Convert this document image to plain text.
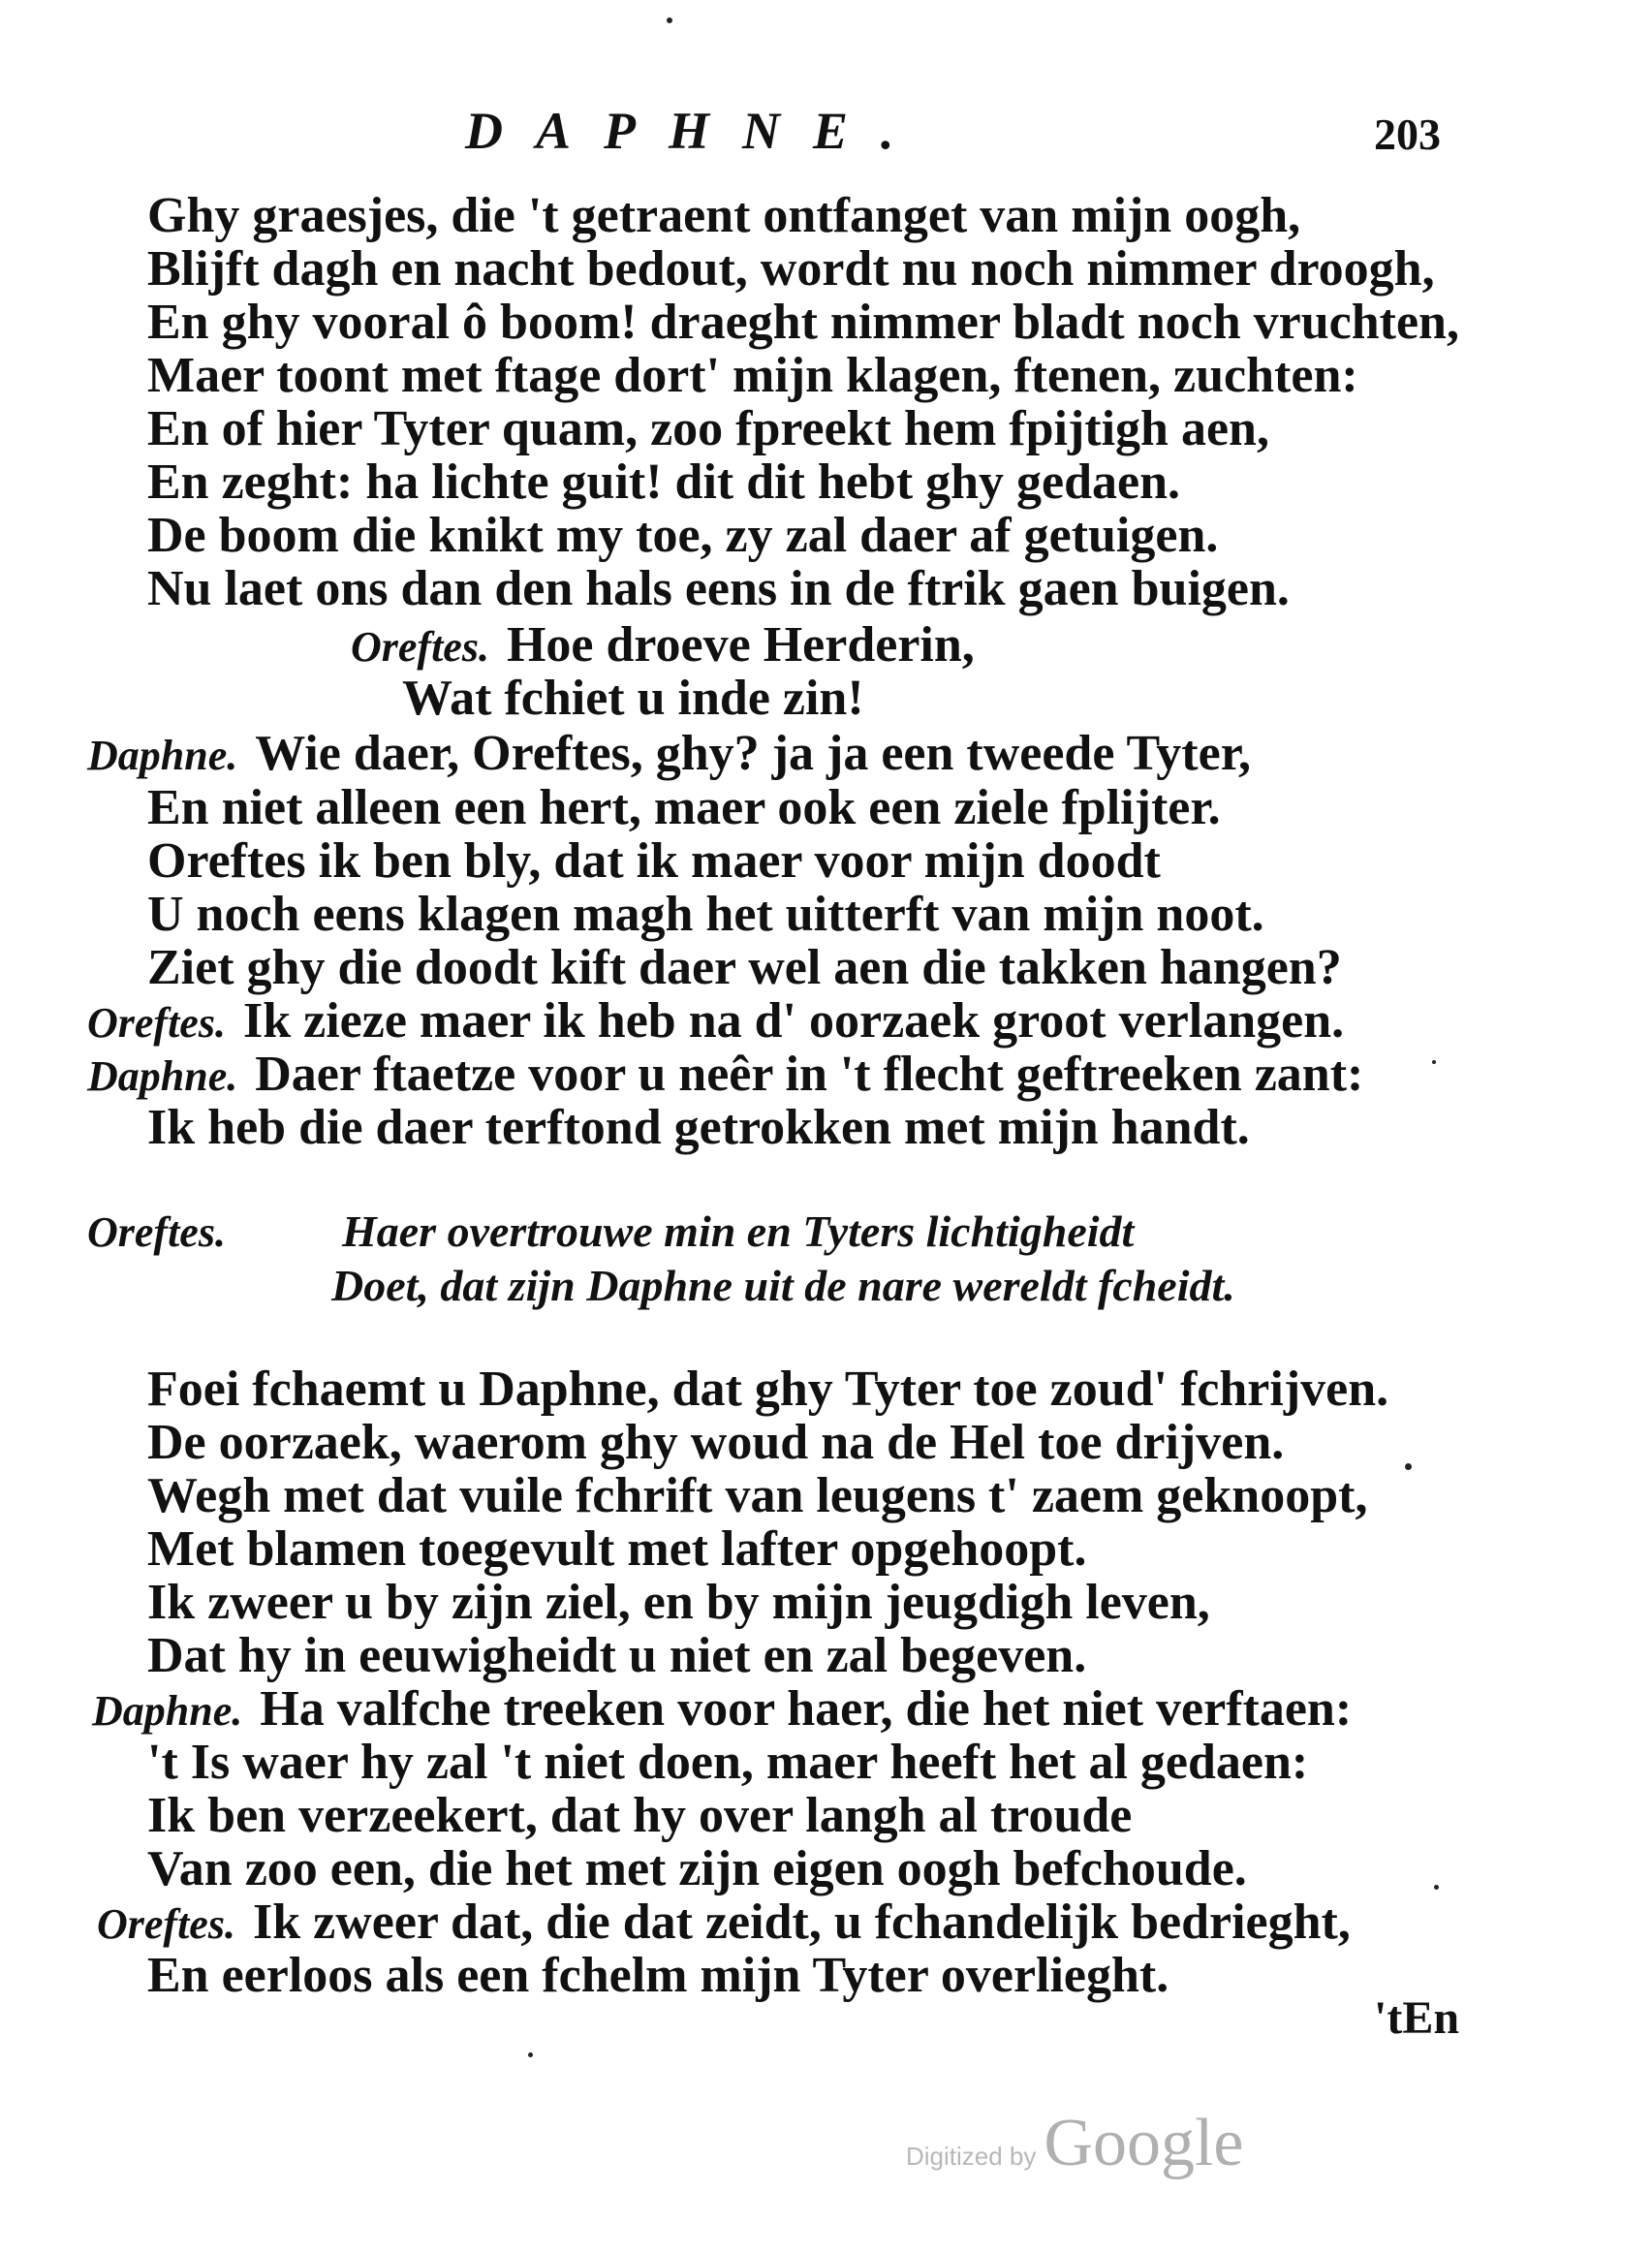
DAPHNE.	203
Ghy graesjes, die 't getraent ontfanget van mijn oogh,
Blijft dagh en nacht bedout, wordt nu noch nimmer droogh,
En ghy vooral ô boom! draeght nimmer bladt noch vruchten,
Maer toont met ftage dort' mijn klagen, ftenen, zuchten:
En of hier Tyter quam, zoo fpreekt hem fpijtigh aen,
En zeght: ha lichte guit! dit dit hebt ghy gedaen.
De boom die knikt my toe, zy zal daer af getuigen.
Nu laet ons dan den hals eens in de ftrik gaen buigen.
Oreftes. Hoe droeve Herderin,
Wat fchiet u inde zin!
Daphne. Wie daer, Oreftes, ghy? ja ja een tweede Tyter,
En niet alleen een hert, maer ook een ziele fplijter.
Oreftes ik ben bly, dat ik maer voor mijn doodt
U noch eens klagen magh het uitterft van mijn noot.
Ziet ghy die doodt kift daer wel aen die takken hangen?
Oreftes. Ik zieze maer ik heb na d' oorzaek groot verlangen.
Daphne. Daer ftaetze voor u neêr in 't flecht geftreeken zant:
Ik heb die daer terftond getrokken met mijn handt.
Oreftes.	Haer overtrouwe min en Tyters lichtigheidt
Doet, dat zijn Daphne uit de nare wereldt fcheidt.
Foei fchaemt u Daphne, dat ghy Tyter toe zoud' fchrijven.
De oorzaek, waerom ghy woud na de Hel toe drijven.
Wegh met dat vuile fchrift van leugens t' zaem geknoopt,
Met blamen toegevult met lafter opgehoopt.
Ik zweer u by zijn ziel, en by mijn jeugdigh leven,
Dat hy in eeuwigheidt u niet en zal begeven.
Daphne. Ha valfche treeken voor haer, die het niet verftaen:
't Is waer hy zal 't niet doen, maer heeft het al gedaen:
Ik ben verzeekert, dat hy over langh al troude
Van zoo een, die het met zijn eigen oogh befchoude.
Oreftes. Ik zweer dat, die dat zeidt, u fchandelijk bedrieght,
En eerloos als een fchelm mijn Tyter overlieght.
'tEn
Digitized by Google
